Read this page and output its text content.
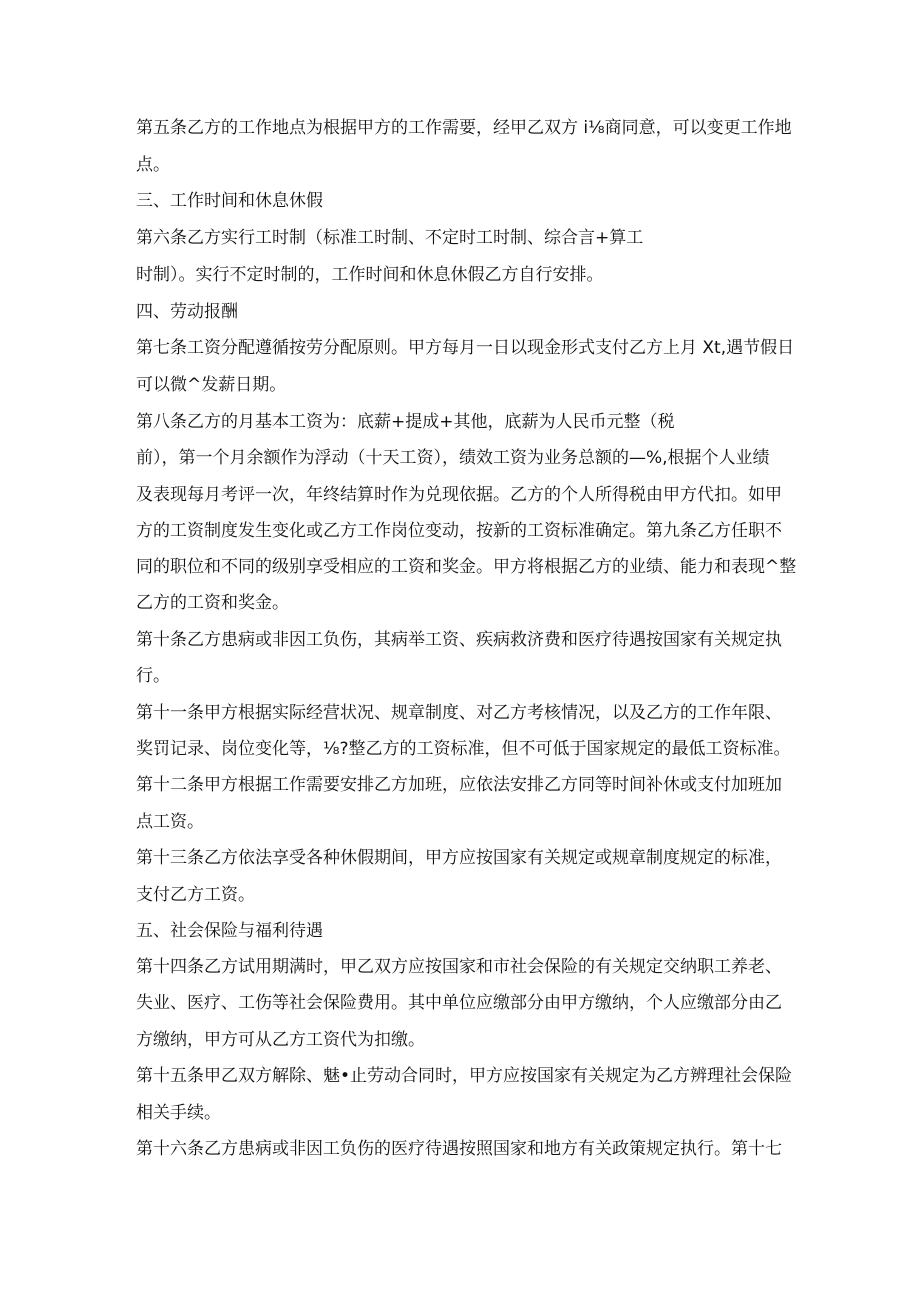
第五条乙方的工作地点为根据甲方的工作需要，经甲乙双方 i⅛商同意，可以变更工作地
点。
三、工作时间和休息休假
第六条乙方实行工时制（标准工时制、不定时工时制、综合言+算工
时制）。实行不定时制的，工作时间和休息休假乙方自行安排。
四、劳动报酬
第七条工资分配遵循按劳分配原则。甲方每月一日以现金形式支付乙方上月 Xt,遇节假日
可以微^发薪日期。
第八条乙方的月基本工资为：底薪+提成+其他，底薪为人民币元整（税
前），第一个月余额作为浮动（十天工资），绩效工资为业务总额的—%,根据个人业绩
及表现每月考评一次，年终结算时作为兑现依据。乙方的个人所得税由甲方代扣。如甲
方的工资制度发生变化或乙方工作岗位变动，按新的工资标准确定。第九条乙方任职不
同的职位和不同的级别享受相应的工资和奖金。甲方将根据乙方的业绩、能力和表现^整
乙方的工资和奖金。
第十条乙方患病或非因工负伤，其病举工资、疾病救济费和医疗待遇按国家有关规定执
行。
第十一条甲方根据实际经营状况、规章制度、对乙方考核情况，以及乙方的工作年限、
奖罚记录、岗位变化等，⅛?整乙方的工资标准，但不可低于国家规定的最低工资标准。
第十二条甲方根据工作需要安排乙方加班，应依法安排乙方同等时间补休或支付加班加
点工资。
第十三条乙方依法享受各种休假期间，甲方应按国家有关规定或规章制度规定的标准，
支付乙方工资。
五、社会保险与福利待遇
第十四条乙方试用期满时，甲乙双方应按国家和市社会保险的有关规定交纳职工养老、
失业、医疗、工伤等社会保险费用。其中单位应缴部分由甲方缴纳，个人应缴部分由乙
方缴纳，甲方可从乙方工资代为扣缴。
第十五条甲乙双方解除、魅•止劳动合同时，甲方应按国家有关规定为乙方辨理社会保险
相关手续。
第十六条乙方患病或非因工负伤的医疗待遇按照国家和地方有关政策规定执行。第十七
